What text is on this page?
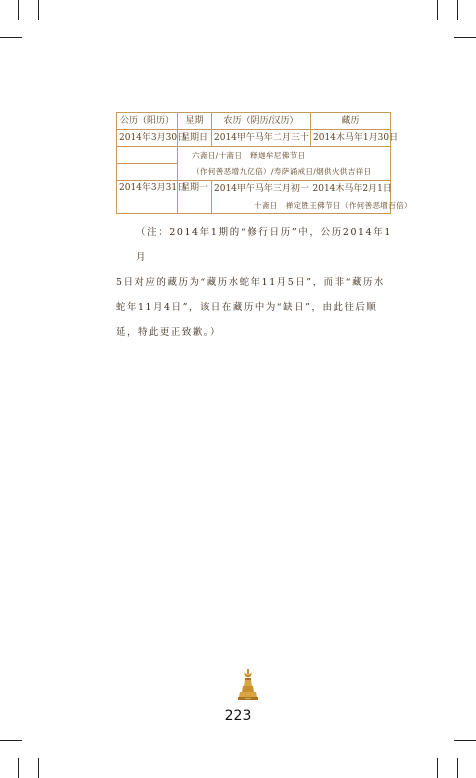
公历（阳历）	星期	农历（阴历/汉历）	藏历
2014年3月30日	星期日	2014甲午马年二月三十	2014木马年1月30日

	六斋日/十斋日　释迦牟尼佛节日		

	（作何善恶增九亿倍）/寿萨诵戒日/烟供火供吉祥日		

2014年3月31日	星期一	2014甲午马年三月初一	2014木马年2月1日

		十斋日　禅定胜王佛节日（作何善恶增百倍）	
（注：2014年1期的“修行日历”中，公历2014年1月
5日对应的藏历为“藏历水蛇年11月5日”，而非“藏历水
蛇年11月4日”，该日在藏历中为“缺日”，由此往后顺
延，特此更正致歉。）
✦✦✦
223
